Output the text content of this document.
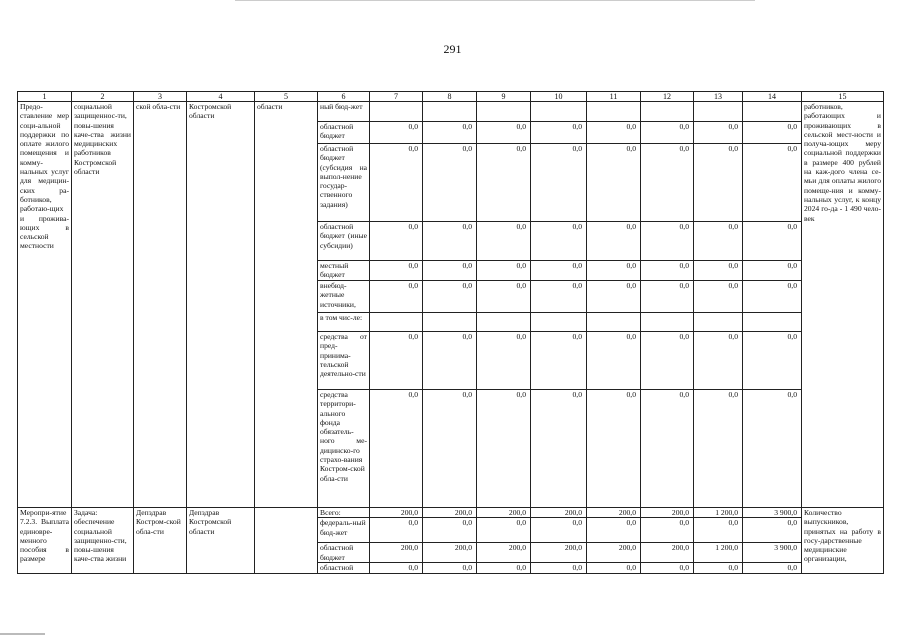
291
1	2	3	4	5	6	7	8	9	10	11	12	13	14	15
Предо-ставление мер соци-альной поддержки по оплате жилого помещения и комму-нальных услуг для медицин-ских ра-ботников, работаю-щих и прожива-ющих в сельской местности	социальной защищеннос-ти, повы-шения каче-ства жизни медицинских работников Костромской области	ской обла-сти	Костромской области	области	ный бюд-жет									работников, работающих и проживающих в сельской мест-ности и получа-ющих меру социальной поддержки в размере 400 рублей на каж-дого члена се-мьи для оплаты жилого помеще-ния и комму-нальных услуг, к концу 2024 го-да - 1 490 чело-век
					областной бюджет	0,0	0,0	0,0	0,0	0,0	0,0	0,0	0,0	
					областной бюджет (субсидия на выпол-нение государ-ственного задания)	0,0	0,0	0,0	0,0	0,0	0,0	0,0	0,0	
					областной бюджет (иные субсидии)	0,0	0,0	0,0	0,0	0,0	0,0	0,0	0,0	
					местный бюджет	0,0	0,0	0,0	0,0	0,0	0,0	0,0	0,0	
					внебюд-жетные источники,	0,0	0,0	0,0	0,0	0,0	0,0	0,0	0,0	
					в том чис-ле:									
					средства от пред-принима-тельской деятельно-сти	0,0	0,0	0,0	0,0	0,0	0,0	0,0	0,0	
					средства территори-ального фонда обязатель-ного ме-дицинско-го страхо-вания Костром-ской обла-сти	0,0	0,0	0,0	0,0	0,0	0,0	0,0	0,0	
Меропри-ятие 7.2.3. Выплата единовре-менного пособия в размере	Задача: обеспечение социальной защищенно-сти, повы-шения каче-ства жизни	Депздрав Костром-ской обла-сти	Депздрав Костромской области		Всего:	200,0	200,0	200,0	200,0	200,0	200,0	1 200,0	3 900,0	Количество выпускников, принятых на работу в госу-дарственные медицинские организации,
					федераль-ный бюд-жет	0,0	0,0	0,0	0,0	0,0	0,0	0,0	0,0	
					областной бюджет	200,0	200,0	200,0	200,0	200,0	200,0	1 200,0	3 900,0	
					областной	0,0	0,0	0,0	0,0	0,0	0,0	0,0	0,0	
